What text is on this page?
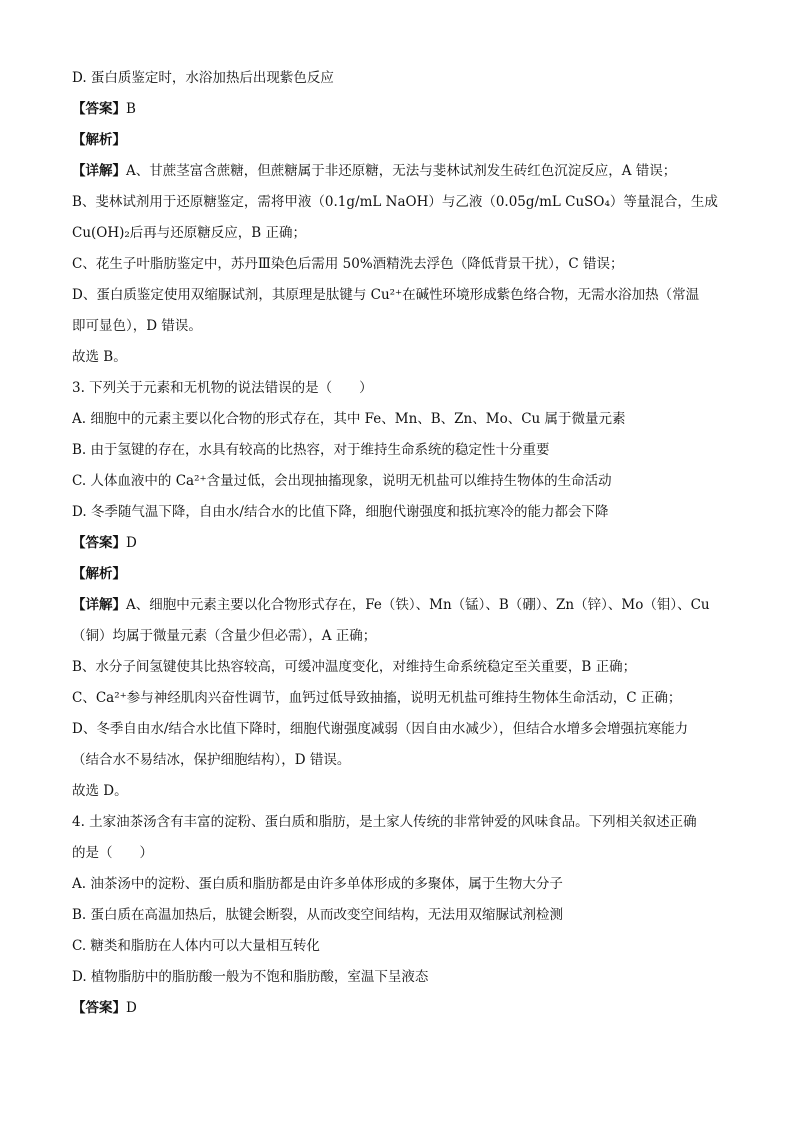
D. 蛋白质鉴定时，水浴加热后出现紫色反应
【答案】B
【解析】
【详解】A、甘蔗茎富含蔗糖，但蔗糖属于非还原糖，无法与斐林试剂发生砖红色沉淀反应，A 错误；
B、斐林试剂用于还原糖鉴定，需将甲液（0.1g/mL NaOH）与乙液（0.05g/mL CuSO₄）等量混合，生成
Cu(OH)₂后再与还原糖反应，B 正确；
C、花生子叶脂肪鉴定中，苏丹Ⅲ染色后需用 50%酒精洗去浮色（降低背景干扰），C 错误；
D、蛋白质鉴定使用双缩脲试剂，其原理是肽键与 Cu²⁺在碱性环境形成紫色络合物，无需水浴加热（常温
即可显色），D 错误。
故选 B。
3. 下列关于元素和无机物的说法错误的是（　　）
A. 细胞中的元素主要以化合物的形式存在，其中 Fe、Mn、B、Zn、Mo、Cu 属于微量元素
B. 由于氢键的存在，水具有较高的比热容，对于维持生命系统的稳定性十分重要
C. 人体血液中的 Ca²⁺含量过低，会出现抽搐现象，说明无机盐可以维持生物体的生命活动
D. 冬季随气温下降，自由水/结合水的比值下降，细胞代谢强度和抵抗寒冷的能力都会下降
【答案】D
【解析】
【详解】A、细胞中元素主要以化合物形式存在，Fe（铁）、Mn（锰）、B（硼）、Zn（锌）、Mo（钼）、Cu
（铜）均属于微量元素（含量少但必需），A 正确；
B、水分子间氢键使其比热容较高，可缓冲温度变化，对维持生命系统稳定至关重要，B 正确；
C、Ca²⁺参与神经肌肉兴奋性调节，血钙过低导致抽搐，说明无机盐可维持生物体生命活动，C 正确；
D、冬季自由水/结合水比值下降时，细胞代谢强度减弱（因自由水减少），但结合水增多会增强抗寒能力
（结合水不易结冰，保护细胞结构），D 错误。
故选 D。
4. 土家油茶汤含有丰富的淀粉、蛋白质和脂肪，是土家人传统的非常钟爱的风味食品。下列相关叙述正确
的是（　　）
A. 油茶汤中的淀粉、蛋白质和脂肪都是由许多单体形成的多聚体，属于生物大分子
B. 蛋白质在高温加热后，肽键会断裂，从而改变空间结构，无法用双缩脲试剂检测
C. 糖类和脂肪在人体内可以大量相互转化
D. 植物脂肪中的脂肪酸一般为不饱和脂肪酸，室温下呈液态
【答案】D
